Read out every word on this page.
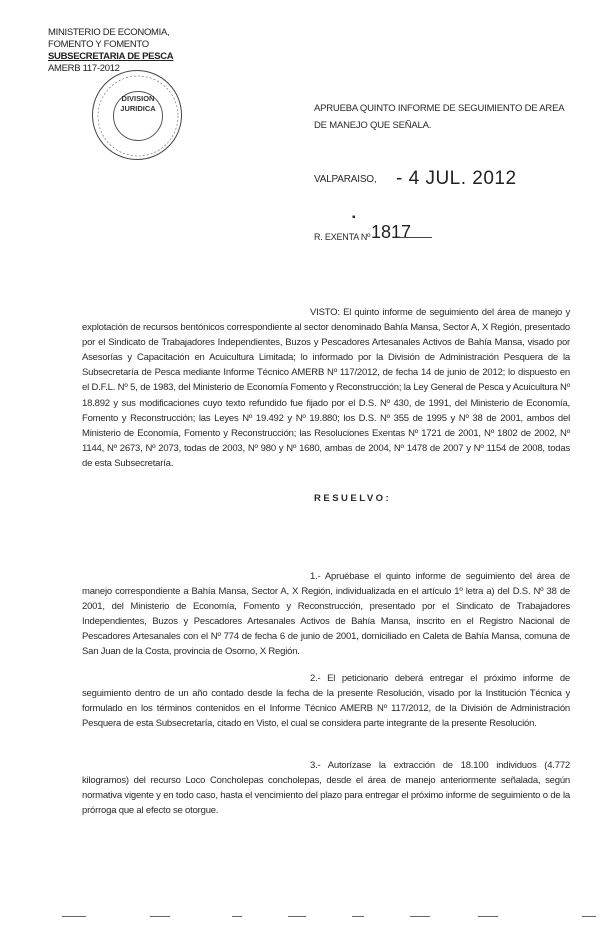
MINISTERIO DE ECONOMIA,
FOMENTO Y FOMENTO
SUBSECRETARIA DE PESCA
AMERB 117-2012
DIVISION
JURIDICA	APRUEBA QUINTO INFORME DE SEGUIMIENTO DE AREA DE MANEJO QUE SEÑALA.
VALPARAISO, - 4 JUL. 2012
▪
R. EXENTA Nº 1817
VISTO: El quinto informe de seguimiento del área de manejo y explotación de recursos bentónicos correspondiente al sector denominado Bahía Mansa, Sector A, X Región, presentado por el Sindicato de Trabajadores Independientes, Buzos y Pescadores Artesanales Activos de Bahía Mansa, visado por Asesorías y Capacitación en Acuicultura Limitada; lo informado por la División de Administración Pesquera de la Subsecretaría de Pesca mediante Informe Técnico AMERB Nº 117/2012, de fecha 14 de junio de 2012; lo dispuesto en el D.F.L. Nº 5, de 1983, del Ministerio de Economía Fomento y Reconstrucción; la Ley General de Pesca y Acuicultura Nº 18.892 y sus modificaciones cuyo texto refundido fue fijado por el D.S. Nº 430, de 1991, del Ministerio de Economía, Fomento y Reconstrucción; las Leyes Nº 19.492 y Nº 19.880; los D.S. Nº 355 de 1995 y Nº 38 de 2001, ambos del Ministerio de Economía, Fomento y Reconstrucción; las Resoluciones Exentas Nº 1721 de 2001, Nº 1802 de 2002, Nº 1144, Nº 2673, Nº 2073, todas de 2003, Nº 980 y Nº 1680, ambas de 2004, Nº 1478 de 2007 y Nº 1154 de 2008, todas de esta Subsecretaría.
RESUELVO:
1.- Apruébase el quinto informe de seguimiento del área de manejo correspondiente a Bahía Mansa, Sector A, X Región, individualizada en el artículo 1º letra a) del D.S. Nº 38 de 2001, del Ministerio de Economía, Fomento y Reconstrucción, presentado por el Sindicato de Trabajadores Independientes, Buzos y Pescadores Artesanales Activos de Bahía Mansa, inscrito en el Registro Nacional de Pescadores Artesanales con el Nº 774 de fecha 6 de junio de 2001, domiciliado en Caleta de Bahía Mansa, comuna de San Juan de la Costa, provincia de Osorno, X Región.
2.- El peticionario deberá entregar el próximo informe de seguimiento dentro de un año contado desde la fecha de la presente Resolución, visado por la Institución Técnica y formulado en los términos contenidos en el Informe Técnico AMERB Nº 117/2012, de la División de Administración Pesquera de esta Subsecretaría, citado en Visto, el cual se considera parte integrante de la presente Resolución.
3.- Autorízase la extracción de 18.100 individuos (4.772 kilogramos) del recurso Loco Concholepas concholepas, desde el área de manejo anteriormente señalada, según normativa vigente y en todo caso, hasta el vencimiento del plazo para entregar el próximo informe de seguimiento o de la prórroga que al efecto se otorgue.
